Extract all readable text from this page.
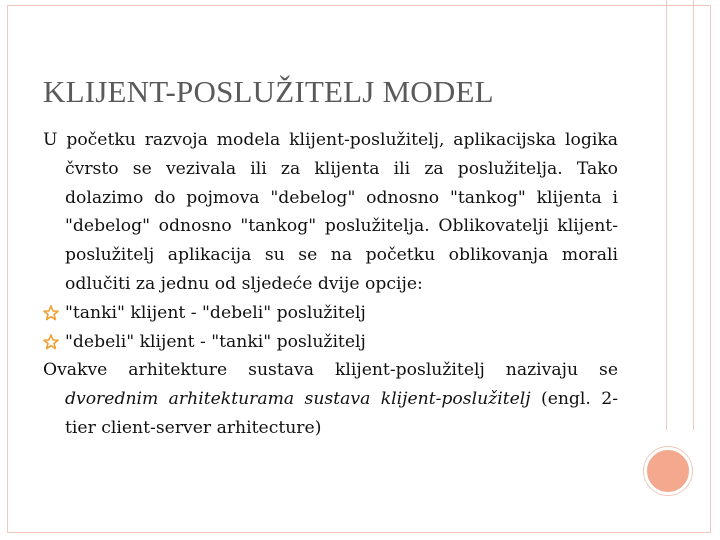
KLIJENT-POSLUŽITELJ MODEL

U početku razvoja modela klijent-poslužitelj, aplikacijska logika čvrsto se vezivala ili za klijenta ili za poslužitelja. Tako dolazimo do pojmova "debelog" odnosno "tankog" klijenta i "debelog" odnosno "tankog" poslužitelja. Oblikovatelji klijent-poslužitelj aplikacija su se na početku oblikovanja morali odlučiti za jednu od sljedeće dvije opcije:

"tanki" klijent - "debeli" poslužitelj
"debeli" klijent - "tanki" poslužitelj

Ovakve arhitekture sustava klijent-poslužitelj nazivaju se dvorednim arhitekturama sustava klijent-poslužitelj (engl. 2-tier client-server arhitecture)
